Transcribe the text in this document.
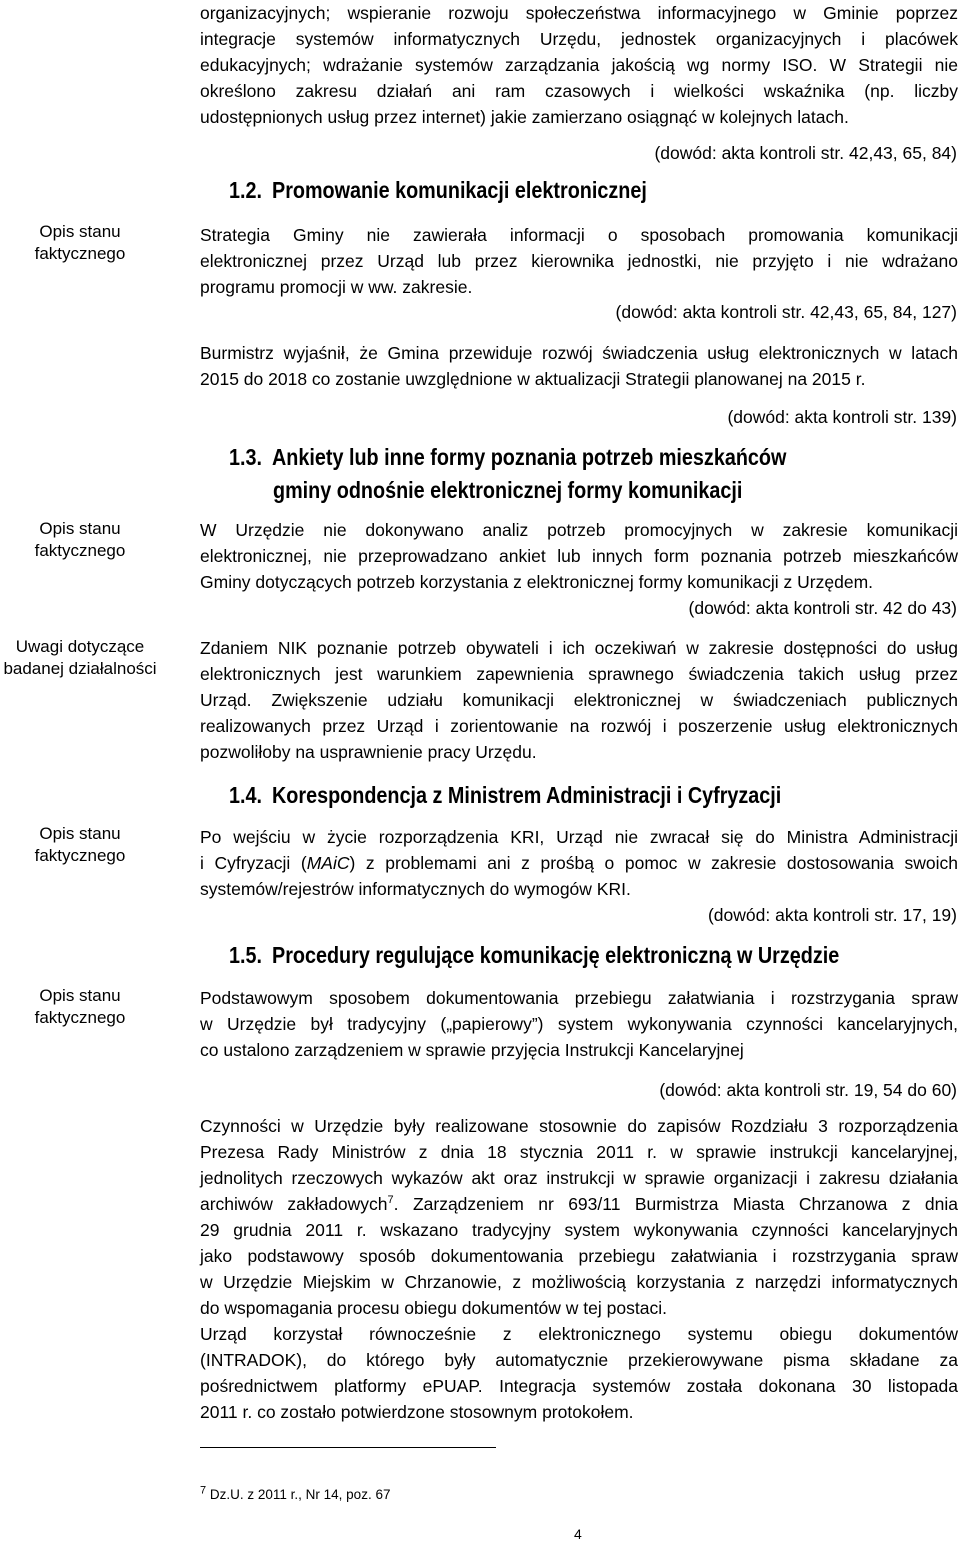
Opis stanu
faktycznego
Opis stanu
faktycznego
Uwagi dotyczące
badanej działalności
Opis stanu
faktycznego
Opis stanu
faktycznego
organizacyjnych; wspieranie rozwoju społeczeństwa informacyjnego w Gminie poprzez
integracje systemów informatycznych Urzędu, jednostek organizacyjnych i placówek
edukacyjnych; wdrażanie systemów zarządzania jakością wg normy ISO. W Strategii nie
określono zakresu działań ani ram czasowych i wielkości wskaźnika (np. liczby
udostępnionych usług przez internet) jakie zamierzano osiągnąć w kolejnych latach.
(dowód: akta kontroli str. 42,43, 65, 84)
1.2. Promowanie komunikacji elektronicznej
Strategia Gminy nie zawierała informacji o sposobach promowania komunikacji
elektronicznej przez Urząd lub przez kierownika jednostki, nie przyjęto i nie wdrażano
programu promocji w ww. zakresie.
(dowód: akta kontroli str. 42,43, 65, 84, 127)
Burmistrz wyjaśnił, że Gmina przewiduje rozwój świadczenia usług elektronicznych w latach
2015 do 2018 co zostanie uwzględnione w aktualizacji Strategii planowanej na 2015 r.
(dowód: akta kontroli str. 139)
1.3. Ankiety lub inne formy poznania potrzeb mieszkańców
gminy odnośnie elektronicznej formy komunikacji
W Urzędzie nie dokonywano analiz potrzeb promocyjnych w zakresie komunikacji
elektronicznej, nie przeprowadzano ankiet lub innych form poznania potrzeb mieszkańców
Gminy dotyczących potrzeb korzystania z elektronicznej formy komunikacji z Urzędem.
(dowód: akta kontroli str. 42 do 43)
Zdaniem NIK poznanie potrzeb obywateli i ich oczekiwań w zakresie dostępności do usług
elektronicznych jest warunkiem zapewnienia sprawnego świadczenia takich usług przez
Urząd. Zwiększenie udziału komunikacji elektronicznej w świadczeniach publicznych
realizowanych przez Urząd i zorientowanie na rozwój i poszerzenie usług elektronicznych
pozwoliłoby na usprawnienie pracy Urzędu.
1.4. Korespondencja z Ministrem Administracji i Cyfryzacji
Po wejściu w życie rozporządzenia KRI, Urząd nie zwracał się do Ministra Administracji
i Cyfryzacji (MAiC) z problemami ani z prośbą o pomoc w zakresie dostosowania swoich
systemów/rejestrów informatycznych do wymogów KRI.
(dowód: akta kontroli str. 17, 19)
1.5. Procedury regulujące komunikację elektroniczną w Urzędzie
Podstawowym sposobem dokumentowania przebiegu załatwiania i rozstrzygania spraw
w Urzędzie był tradycyjny („papierowy”) system wykonywania czynności kancelaryjnych,
co ustalono zarządzeniem w sprawie przyjęcia Instrukcji Kancelaryjnej
(dowód: akta kontroli str. 19, 54 do 60)
Czynności w Urzędzie były realizowane stosownie do zapisów Rozdziału 3 rozporządzenia
Prezesa Rady Ministrów z dnia 18 stycznia 2011 r. w sprawie instrukcji kancelaryjnej,
jednolitych rzeczowych wykazów akt oraz instrukcji w sprawie organizacji i zakresu działania
archiwów zakładowych$^7$. Zarządzeniem nr 693/11 Burmistrza Miasta Chrzanowa z dnia
29 grudnia 2011 r. wskazano tradycyjny system wykonywania czynności kancelaryjnych
jako podstawowy sposób dokumentowania przebiegu załatwiania i rozstrzygania spraw
w Urzędzie Miejskim w Chrzanowie, z możliwością korzystania z narzędzi informatycznych
do wspomagania procesu obiegu dokumentów w tej postaci.
Urząd korzystał równocześnie z elektronicznego systemu obiegu dokumentów
(INTRADOK), do którego były automatycznie przekierowywane pisma składane za
pośrednictwem platformy ePUAP. Integracja systemów została dokonana 30 listopada
2011 r. co zostało potwierdzone stosownym protokołem.
$^7$ Dz.U. z 2011 r., Nr 14, poz. 67
4
